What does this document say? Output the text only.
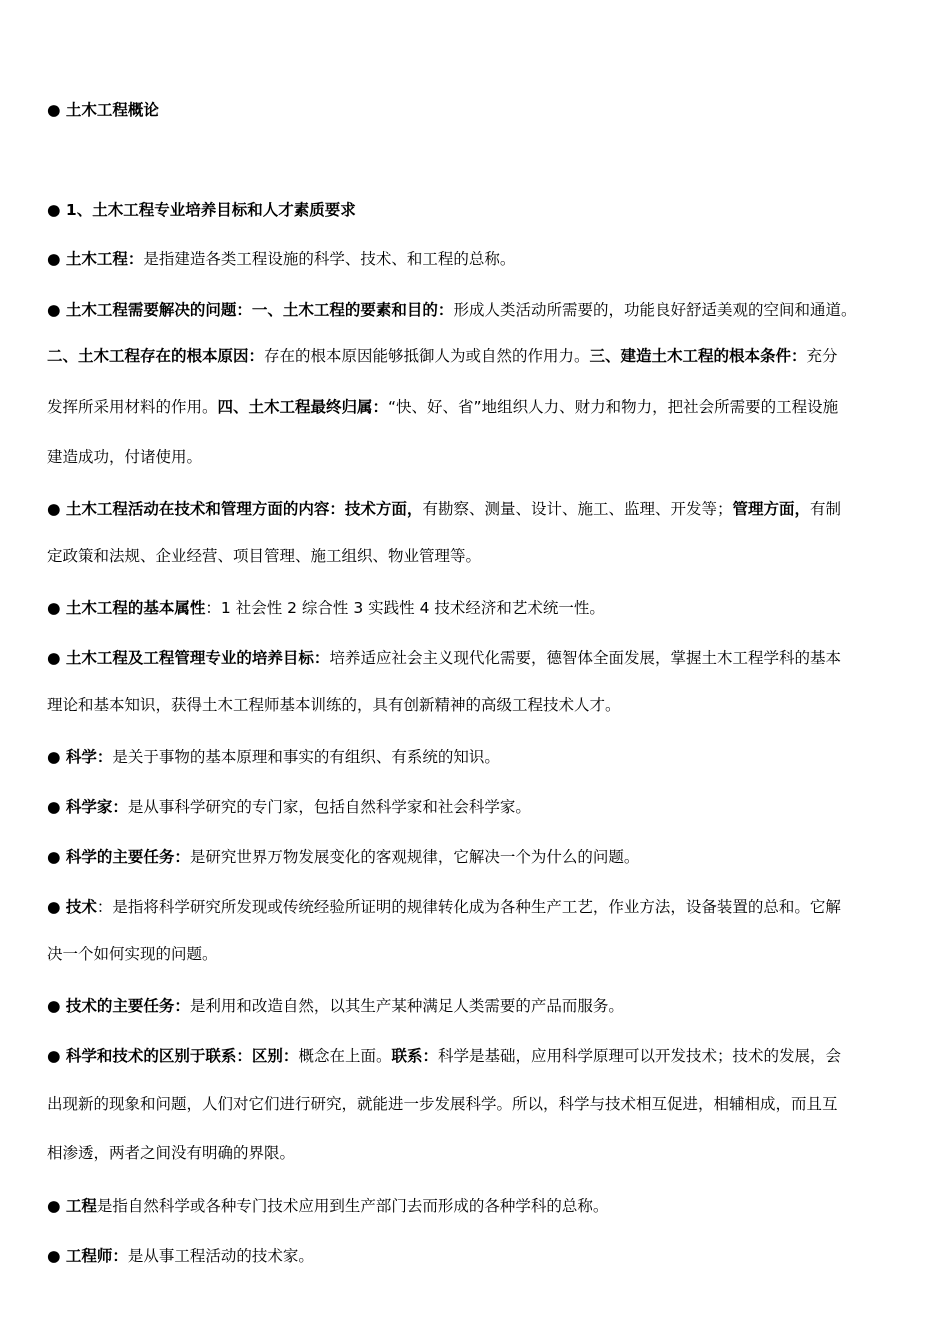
● 土木工程概论
● 1、土木工程专业培养目标和人才素质要求
● 土木工程：是指建造各类工程设施的科学、技术、和工程的总称。
● 土木工程需要解决的问题：一、土木工程的要素和目的：形成人类活动所需要的，功能良好舒适美观的空间和通道。
二、土木工程存在的根本原因：存在的根本原因能够抵御人为或自然的作用力。三、建造土木工程的根本条件：充分
发挥所采用材料的作用。四、土木工程最终归属：“快、好、省”地组织人力、财力和物力，把社会所需要的工程设施
建造成功，付诸使用。
● 土木工程活动在技术和管理方面的内容：技术方面，有勘察、测量、设计、施工、监理、开发等；管理方面，有制
定政策和法规、企业经营、项目管理、施工组织、物业管理等。
● 土木工程的基本属性：1 社会性 2 综合性 3 实践性 4 技术经济和艺术统一性。
● 土木工程及工程管理专业的培养目标：培养适应社会主义现代化需要，德智体全面发展，掌握土木工程学科的基本
理论和基本知识，获得土木工程师基本训练的，具有创新精神的高级工程技术人才。
● 科学：是关于事物的基本原理和事实的有组织、有系统的知识。
● 科学家：是从事科学研究的专门家，包括自然科学家和社会科学家。
● 科学的主要任务：是研究世界万物发展变化的客观规律，它解决一个为什么的问题。
● 技术：是指将科学研究所发现或传统经验所证明的规律转化成为各种生产工艺，作业方法，设备装置的总和。它解
决一个如何实现的问题。
● 技术的主要任务：是利用和改造自然，以其生产某种满足人类需要的产品而服务。
● 科学和技术的区别于联系：区别：概念在上面。联系：科学是基础，应用科学原理可以开发技术；技术的发展，会
出现新的现象和问题，人们对它们进行研究，就能进一步发展科学。所以，科学与技术相互促进，相辅相成，而且互
相渗透，两者之间没有明确的界限。
● 工程是指自然科学或各种专门技术应用到生产部门去而形成的各种学科的总称。
● 工程师：是从事工程活动的技术家。
